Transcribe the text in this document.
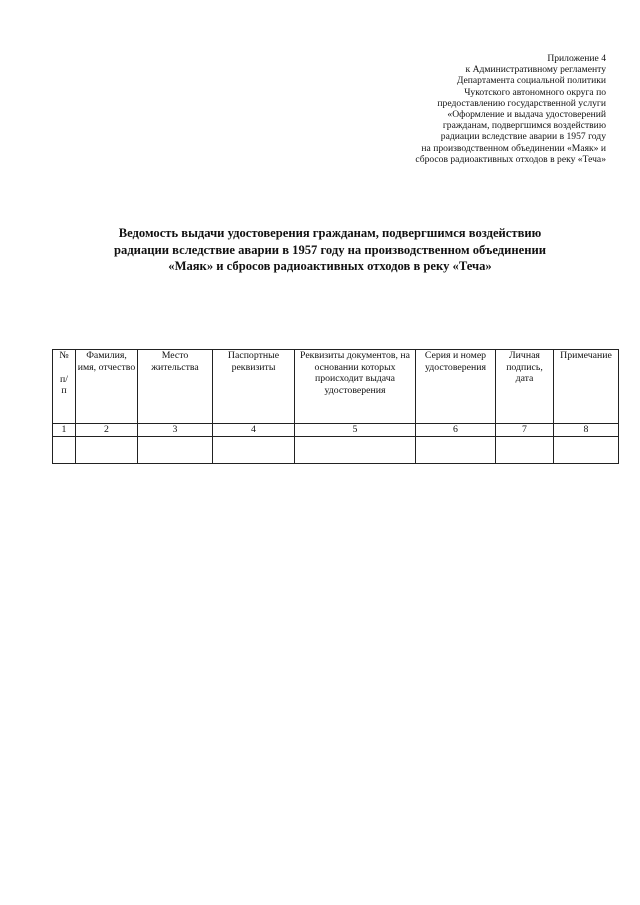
Приложение 4
к Административному регламенту
Департамента социальной политики
Чукотского автономного округа по
предоставлению государственной услуги
«Оформление и выдача удостоверений
гражданам, подвергшимся воздействию
радиации вследствие аварии в 1957 году
на производственном объединении «Маяк» и
сбросов радиоактивных отходов в реку «Теча»
Ведомость выдачи удостоверения гражданам, подвергшимся воздействию
радиации вследствие аварии в 1957 году на производственном объединении
«Маяк» и сбросов радиоактивных отходов в реку «Теча»
№
п/
п	Фамилия, имя, отчество	Место жительства	Паспортные реквизиты	Реквизиты документов, на основании которых происходит выдача удостоверения	Серия и номер удостоверения	Личная подпись, дата	Примечание
1	2	3	4	5	6	7	8
